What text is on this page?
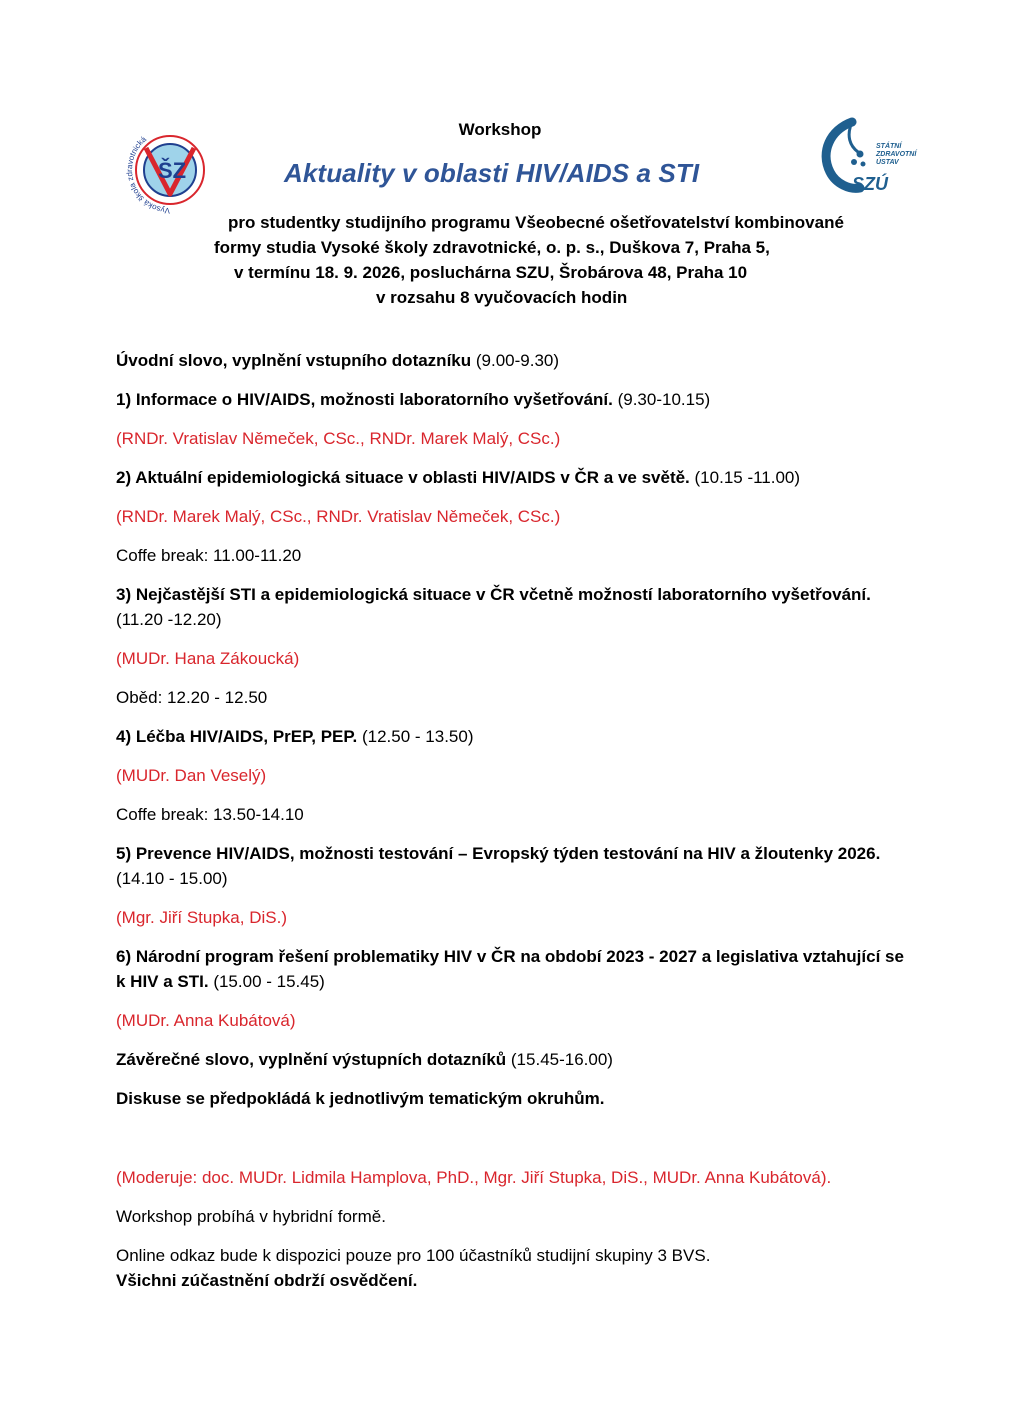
Vysoká škola zdravotnická
ŠZ
STÁTNÍ
ZDRAVOTNÍ
ÚSTAV
SZÚ
Workshop
Aktuality v oblasti HIV/AIDS a STI
pro studentky studijního programu Všeobecné ošetřovatelství kombinované
formy studia Vysoké školy zdravotnické, o. p. s., Duškova 7, Praha 5,
v termínu 18. 9. 2026, posluchárna SZU, Šrobárova 48, Praha 10
v rozsahu 8 vyučovacích hodin

Úvodní slovo, vyplnění vstupního dotazníku (9.00-9.30)

1) Informace o HIV/AIDS, možnosti laboratorního vyšetřování. (9.30-10.15)

(RNDr. Vratislav Němeček, CSc., RNDr. Marek Malý, CSc.)

2) Aktuální epidemiologická situace v oblasti HIV/AIDS v ČR a ve světě. (10.15 -11.00)

(RNDr. Marek Malý, CSc., RNDr. Vratislav Němeček, CSc.)

Coffe break: 11.00-11.20

3) Nejčastější STI a epidemiologická situace v ČR včetně možností laboratorního vyšetřování. (11.20 -12.20)

(MUDr. Hana Zákoucká)

Oběd: 12.20 - 12.50

4) Léčba HIV/AIDS, PrEP, PEP. (12.50 - 13.50)

(MUDr. Dan Veselý)

Coffe break: 13.50-14.10

5) Prevence HIV/AIDS, možnosti testování – Evropský týden testování na HIV a žloutenky 2026. (14.10 - 15.00)

(Mgr. Jiří Stupka, DiS.)

6) Národní program řešení problematiky HIV v ČR na období 2023 - 2027 a legislativa vztahující se k HIV a STI. (15.00 - 15.45)

(MUDr. Anna Kubátová)

Závěrečné slovo, vyplnění výstupních dotazníků (15.45-16.00)

Diskuse se předpokládá k jednotlivým tematickým okruhům.

(Moderuje: doc. MUDr. Lidmila Hamplova, PhD., Mgr. Jiří Stupka, DiS., MUDr. Anna Kubátová).

Workshop probíhá v hybridní formě.

Online odkaz bude k dispozici pouze pro 100 účastníků studijní skupiny 3 BVS.

Všichni zúčastnění obdrží osvědčení.
